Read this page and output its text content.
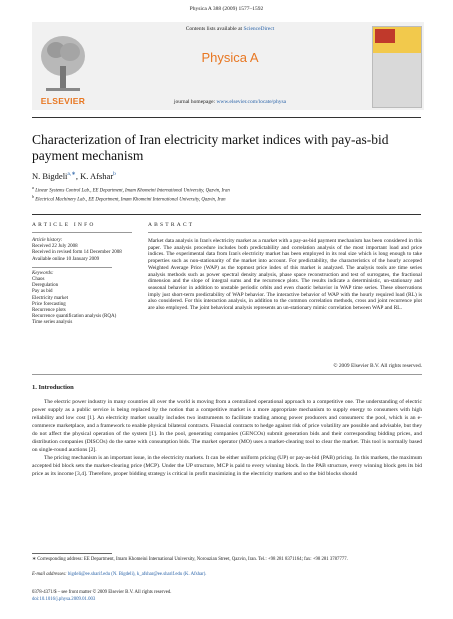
Physica A 388 (2009) 1577–1592
ELSEVIER
Contents lists available at ScienceDirect
Physica A
journal homepage: www.elsevier.com/locate/physa
Characterization of Iran electricity market indices with pay-as-bid payment mechanism
N. Bigdeli$^{a,∗}$, K. Afshar$^b$
$^a$ Linear Systems Control Lab., EE Department, Imam Khomeini International University, Qazvin, Iran
$^b$ Electrical Machinery Lab., EE Department, Imam Khomeini International University, Qazvin, Iran
ARTICLE INFO	ABSTRACT
Article history:
Received 22 July 2008
Received in revised form 14 December 2008
Available online 10 January 2009
Keywords:
Chaos
Deregulation
Pay as bid
Electricity market
Price forecasting
Recurrence plots
Recurrence quantification analysis (RQA)
Time series analysis
Market data analysis in Iran's electricity market as a market with a pay-as-bid payment mechanism has been considered in this paper. The analysis procedure includes both predictability and correlation analysis of the most important load and price indices. The experimental data from Iran's electricity market has been employed in its real size which is long enough to take properties such as non-stationarity of the market into account. For predictability, the characteristics of the hourly accepted Weighted Average Price (WAP) as the topmost price index of this market is analyzed. The analysis tools are time series analysis methods such as power spectral density analysis, phase space reconstruction and test of surrogates, the fractional dimension and the slope of integral sums and the recurrence plots. The results indicate a deterministic, un-stationary and seasonal behavior in addition to unstable periodic orbits and even chaotic behavior in WAP time series. These observations imply just short-term predictability of WAP behavior. The interactive behavior of WAP with the hourly required load (RL) is also considered. For this interaction analysis, in addition to the common correlation methods, cross and joint recurrence plot are also employed. The joint behavioral analysis represents an un-stationary mimic correlation between WAP and RL.
© 2009 Elsevier B.V. All rights reserved.
1. Introduction

The electric power industry in many countries all over the world is moving from a centralized operational approach to a competitive one. The understanding of electric power supply as a public service is being replaced by the notion that a competitive market is a more appropriate mechanism to supply energy to consumers with high reliability and low cost [1]. An electricity market usually includes two instruments to facilitate trading among power producers and consumers: the pool, which is an e-commerce marketplace, and a framework to enable physical bilateral contracts. Financial contracts to hedge against risk of price volatility are possible and advisable, but they do not affect the physical operation of the system [1]. In the pool, generating companies (GENCOs) submit generation bids and their corresponding bidding prices, and distribution companies (DISCOs) do the same with consumption bids. The market operator (MO) uses a market-clearing tool to clear the market. This tool is normally based on single-round auctions [2].

The pricing mechanism is an important issue, in the electricity markets. It can be either uniform pricing (UP) or pay-as-bid (PAB) pricing. In this markets, the maximum accepted bid block sets the market-clearing price (MCP). Under the UP structure, MCP is paid to every winning block. In the PAB structure, every winning block gets its bid price as its income [3,4]. Therefore, proper bidding strategy is critical in profit maximizing in the electricity markets and so the bid blocks should

∗ Corresponding address: EE Department, Imam Khomeini International University, Norouzian Street, Qazvin, Iran. Tel.: +98 281 8371164; fax: +98 281 3787777.
E-mail addresses: bigdeli@ee.sharif.edu (N. Bigdeli), k_afshar@ee.sharif.edu (K. Afshar).
0378-4371/$ – see front matter © 2009 Elsevier B.V. All rights reserved.
doi:10.1016/j.physa.2009.01.003
